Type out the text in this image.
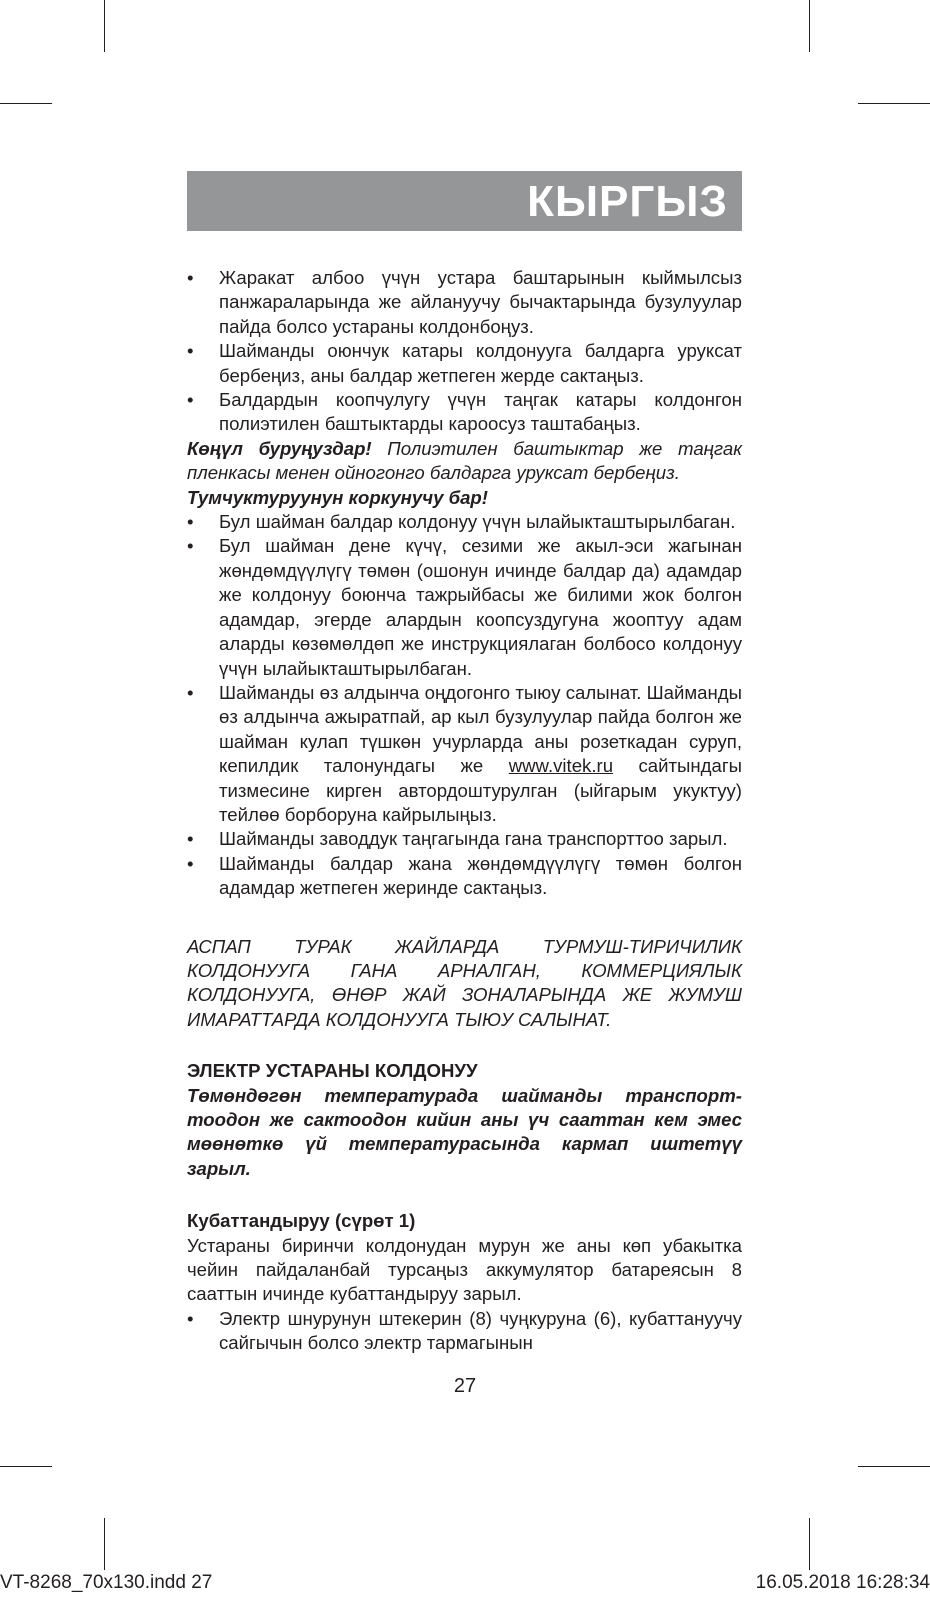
КЫРГЫЗ
• Жаракат албоо үчүн устара баштарынын кыймылсыз панжараларында же айлануучу бычактарында бузулуулар пайда болсо устараны колдонбоңуз.
• Шайманды оюнчук катары колдонууга балдарга уруксат бербеңиз, аны балдар жетпеген жерде сактаңыз.
• Балдардын коопчулугу үчүн таңгак катары колдонгон полиэтилен баштыктарды кароосуз таштабаңыз.

Көңүл буруңуздар! Полиэтилен баштыктар же таңгак пленкасы менен ойногонго балдарга уруксат бербеңиз.

Тумчуктуруунун коркунучу бар!

• Бул шайман балдар колдонуу үчүн ылайыкташтырылбаган.
• Бул шайман дене күчү, сезими же акыл-эси жагынан жөндөмдүүлүгү төмөн (ошонун ичинде балдар да) адамдар же колдонуу боюнча тажрыйбасы же билими жок болгон адамдар, эгерде алардын коопсуздугуна жооптуу адам аларды көзөмөлдөп же инструкциялаган болбосо колдонуу үчүн ылайыкташтырылбаган.
• Шайманды өз алдынча оңдогонго тыюу салынат. Шайманды өз алдынча ажыратпай, ар кыл бузулуулар пайда болгон же шайман кулап түшкөн учурларда аны розеткадан суруп, кепилдик талонундагы же www.vitek.ru сайтындагы тизмесине кирген автордоштурулган (ыйгарым укуктуу) тейлөө борборуна кайрылыңыз.
• Шайманды заводдук таңгагында гана транспорттоо зарыл.
• Шайманды балдар жана жөндөмдүүлүгү төмөн болгон адамдар жетпеген жеринде сактаңыз.

АСПАП ТУРАК ЖАЙЛАРДА ТУРМУШ-ТИРИЧИЛИК КОЛДОНУУГА ГАНА АРНАЛГАН, КОММЕРЦИЯЛЫК КОЛДОНУУГА, ӨНӨР ЖАЙ ЗОНАЛАРЫНДА ЖЕ ЖУМУШ ИМАРАТТАРДА КОЛДОНУУГА ТЫЮУ САЛЫНАТ.

ЭЛЕКТР УСТАРАНЫ КОЛДОНУУ

Төмөндөгөн температурада шайманды транспорт-тоодон же сактоодон кийин аны үч сааттан кем эмес мөөнөткө үй температурасында кармап иштетүү зарыл.

Кубаттандыруу (сүрөт 1)

Устараны биринчи колдонудан мурун же аны көп убакытка чейин пайдаланбай турсаңыз аккумулятор батареясын 8 сааттын ичинде кубаттандыруу зарыл.

• Электр шнурунун штекерин (8) чуңкуруна (6), кубаттануучу сайгычын болсо электр тармагынын
27
VT-8268_70x130.indd 27	16.05.2018 16:28:34
